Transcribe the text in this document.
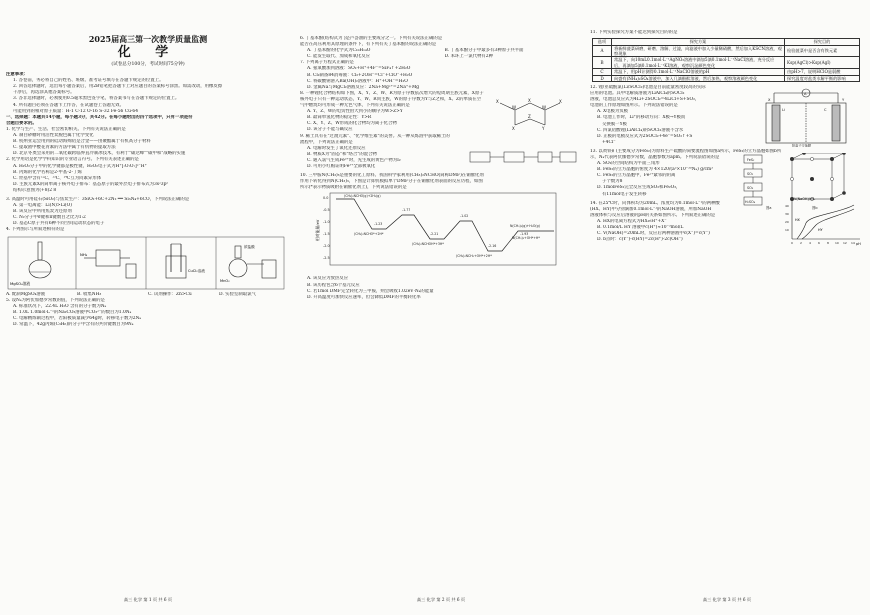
2025届高三第一次教学质量监测
化 学
(试卷总分100分，考试时间75分钟)
注意事项：
1. 答卷前，务必将自己的姓名、班级、准考证号填写在答题卡规定的位置上。
2. 回答选择题时，选出每小题答案后，用2B铅笔把答题卡上对应题目的答案标号涂黑。如需改动，用橡皮擦
干净后，再选涂其他答案标号。
3. 答非选择题时，必须使用0.5毫米黑色签字笔，将答案书写在答题卡规定的位置上。
4. 所有题目必须在答题卡上作答，在试题卷上答题无效。
可能用到的相对原子质量：H-1 C-12 O-16 S-32 Fe-56 Cu-64
一、选择题：本题共14小题，每小题3分，共42分。在每小题给出的四个选项中，只有一项是符
合题目要求的。
1. 化学与生产、生活、社会密切相关。下列有关说法正确的是
A. 制白砂糖时用活性炭脱色属于化学变化
B. 杭州亚运会用到的硅动海绵铝是合金——由聚酯属于有机高分子材料
C. 提取菌中樱花青素的方法中属于有机物的提取方法
D. 北京冬奥会采用的二氧化碳跨临界直冷制冰技术，有利于"碳达峰""碳中和"战略的实施
2. 化学用语是化学学科知识的专业语言符号。下列有关表述正确的是
A. H₂O₂分子中的化学键都是极性键，H₂O₂电子式为H⁺[:O:O:]²⁻H⁺
B. 丙烯的化学名称是2-甲基-2-丁烯
C. 烃基中含有¹²C、¹³C、¹⁴C互为同素异形体
D. 主族元素X的简单离子核外电子排布：基态原子的最外层电子排布式为3s²3p⁵
结构示意图为(+8)2 8
3. 高温时可用硅石(SiO₂)与焦炭生产：3SiO₂+6C+2N₂ ══ Si₃N₄+6CO，下列说法正确的是
A. 第一电离能：Li(N)>Li(O)
B. 该反应中所用焦炭为还原剂
C. N₂分子中σ键和π键数目之比为1:2
D. 基态C原子共有6种不同空间运动状态的电子
4. 下列图示与所叙述相符的是
MgSO₄溶液
NH₃
CuCl₂溶液
浓盐酸
MnO₂
A. 配制MgSO₄溶液	B. 收集NH₃	C. 试剂操作：Zn>Cu	D. 实验室制取氯气
5. 设Nₐ为阿伏加德罗常数的值，下列说法正确的是
A. 标准状况下，22.4L H₂O 含有的分子数为Nₐ
B. 1.0L 1.0mol·L⁻¹的Na₂CO₃溶液中CO₃²⁻的数目为1.0Nₐ
C. 电解精炼铜过程中，若阳极质量减少64g时，转移电子数为2Nₐ
D. 常温下，42g丙烯(C₃H₆)的分子中含有的共价键数目为9Nₐ
高三 化学 第 1 页 共 6 页
6. 丁基苯酚(结构式为 )是芦荟油的主要成分之一。下列有关说法正确的是
能否在高压利用其原理的条件下，有下列有关丁基苯酚的说法正确的是
A. 丁基苯酚的化学式为C₁₀H₁₄O	B. 丁基苯酚分子中最多有3种原子共平面
C. 能发生取代、加成和氧化反应	D. 苯环上一氯代物有2种
7. 下列离子方程式正确的是
A. 氨氧酸加到溶液：SO₂+H⁺+4F⁻=SiF₄↑+2H₂O
B. Cl₂制备84消毒液：Cl₂+2OH⁻=Cl⁻+ClO⁻+H₂O
C. 将碳酸钠溶入Ba(OH)₂溶液中：H⁺+OH⁻=H₂O
D. 金属Na与MgCl₂溶液反应：2Na+Mg²⁺=2Na⁺+Mg
8. 一种锂化合物结构如下图，X、Y、Z、W、R为原子序数依次增大的短周期主族元素，X原子
核外电子只有一种运动状态，Y、W、R同主族，W的原子序数为Y与Z之和，X、Z的单质在空
气中燃烧均可形成一种无色气体，下列有关说法正确的是
A. Y、Z、W的电负性由大到小的顺序为W>Z>Y
B. 最简单氢化物的稳定性：Y>R
C. X、Y、Z、W形成的化合物均为离子化合物
D. 该分子不能与碱反应
X
W
X
W
X
Z
X	Y
9. 稀土具有在"过渡元素"、"化学维生素"的美誉。从一种从炼渣中获取稀土的
流程中，下列说法正确的是
A. 电解时发生了氧化还原反应
B. 物质X为"固态"和"络合"的混合物
C. 通入氯气生成Fe³⁺时，先生成的黄色产物为I₂
D. 可用小红帽证明Fe³⁺全部被氧化
10. 三甲胺N(CH₃)₃是重要的化工原料。我国科学家利用(CH₃)₂NCHO(简称DMF)在铜催化剂
作用下转化得到N(CH₃)₃，下图是计算机模拟单个DMF分子在铜催化剂表面的反应历程，如图
所示(*表示物质吸附在铜催化剂上)，下列说法错误的是
相对能量/eV
0.0
-0.5
-1.0
-1.5
-2.0
-2.5
(CH₃)₂NCHO(g)+2H₂(g)
(CH₃)₂NCHO*+2H*
(CH₃)₂NCHOH*+3H*
(CH₃)₂NCH₂+OH*+2H*
N(CH₃)₃(g)+H₂O(g)
N(CH₃)₃+OH*+H*
-1.23
-1.77
-2.21
-1.02
-2.16
-1.93
A. 该反应为放热反应
B. 该历程包含6个基元反应
C. 若1mol DMF完全转化为三甲胺，则会吸收1.02eV·Nₐ的能量
D. 升高温度可加快反应速率，但会降低DMF的平衡转化率
高三 化学 第 2 页 共 6 页
11. 下列实验探究方案不能达到探究目的的是
选项	探究方案	探究目的
A	将新鲜菠菜研磨，研磨、溶解、过滤，向滤液中加入少量稀硝酸，然后加入KSCN溶液，观察现象	检验菠菜中是否含有铁元素
B	常温下，向10mL0.1mol·L⁻¹AgNO₃溶液中滴加5滴0.1mol·L⁻¹NaCl溶液，充分反应后，再滴加5滴0.1mol·L⁻¹KI溶液，观察沉淀颜色变化	Ksp(AgCl)>Ksp(AgI)
C	常温下，用pH计测得0.1mol·L⁻¹NaClO溶液的pH	由pH>7，说明HClO是弱酸
D	向盛有(NH₄)₂SO₄溶液中，加入几滴酚酞溶液，然后加热，观察溶液颜色变化	探究温度对盐类水解平衡的影响
12. 锂/亚硫酰氯(Li/SOCl₂)电池是目前能量密度较高的实际
应用的电池。其中电解质溶液为LiAlCl₄的SOCl₂
溶液，电池总反应式为4Li+2SOCl₂=4LiCl+S+SO₂，
电池的工作原理如图所示。下列说法错误的是
A. X电极为负极
B. 电池工作时，Li⁺的移动方向：X极→Y极而
交换膜一Y极
C. 四氯铝酸锂(LiAlCl₄)的SOCl₂溶液不含水
D. 正极的电极反应式为2SOCl₂+4e⁻=SO₂↑+S
+4Cl⁻
A
Li	C
X	Y
阳离子交换膜
13. 以黄铁矿(主要成分为FeS₂)为原料生产硫酸的简要流程图如图a所示，FeS₂的立方晶胞如图b所
示，Nₐ代表阿伏伽德罗常数，晶胞参数为apm。下列说法错误的是
A. SO₂的空间结构为平面三角形
B. FeS₂的立方晶胞的密度为 4×120/(a³×10⁻³⁰Nₐ) g/cm³
C. FeS₂的立方晶胞中，Fe²⁺紧邻的阴离
子个数为8
D. 1molFeS₂完全反应生成SO₂和Fe₂O₃，
有11mol电子发生转移
FeS₂
SO₂
SO₃
H₂SO₄
图a	图b
14. 在25℃时，向体积均为20mL、浓度均为0.1mol·L⁻¹的两种酸
(HX、HY)中分别滴加0.1mol·L⁻¹的NaOH溶液，所加NaOH
溶液体积与反应后溶液的pH的关系如图所示。下列叙述正确的是
A. HX的电离方程式为HX⇌H⁺+X⁻
B. 0.1mol/L HY 溶液中c(H⁺)≈10⁻³mol/L
C. V(NaOH)=20mL时，反应后两种溶液中c(X⁻)=c(Y⁻)
D. b点时：c(Y⁻)-c(HY)=2c(H⁺)-2c(OH⁻)
V(NaOH)/mL
pH
40
30
20
10
0 2 4 6 8 10 12 14
HX
HY
高三 化学 第 3 页 共 6 页
